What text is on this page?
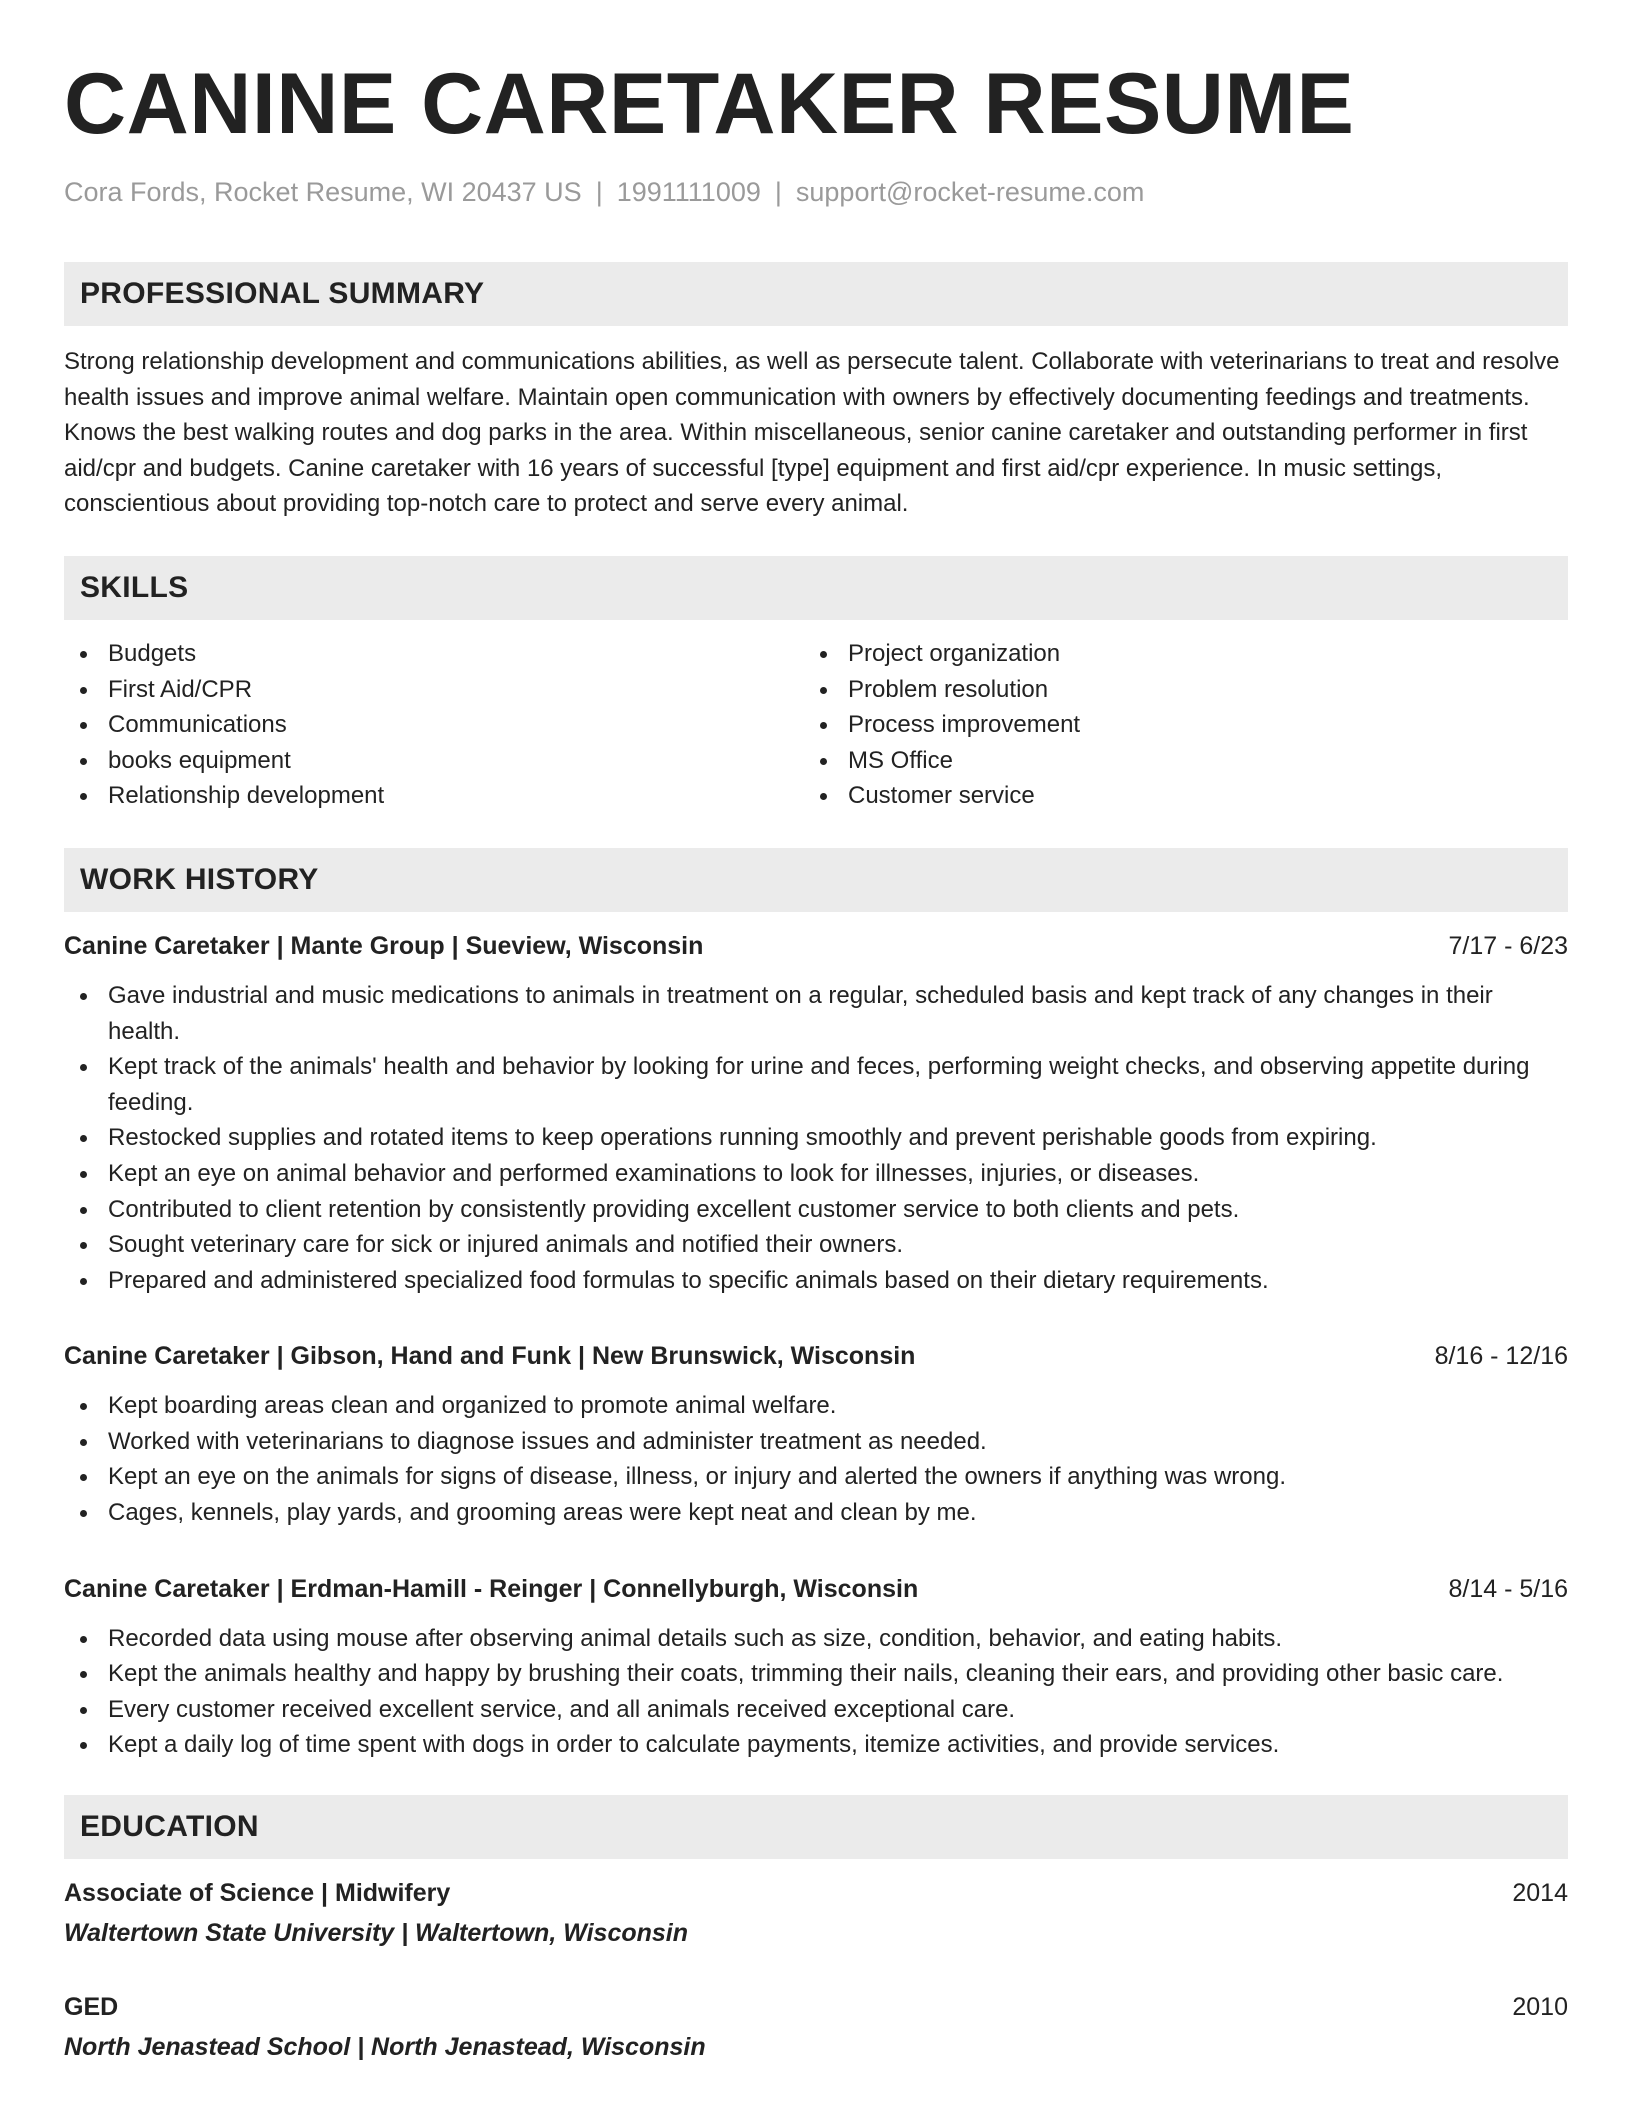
CANINE CARETAKER RESUME
Cora Fords, Rocket Resume, WI 20437 US | 1991111009 | support@rocket-resume.com
PROFESSIONAL SUMMARY

Strong relationship development and communications abilities, as well as persecute talent. Collaborate with veterinarians to treat and resolve health issues and improve animal welfare. Maintain open communication with owners by effectively documenting feedings and treatments. Knows the best walking routes and dog parks in the area. Within miscellaneous, senior canine caretaker and outstanding performer in first aid/cpr and budgets. Canine caretaker with 16 years of successful [type] equipment and first aid/cpr experience. In music settings, conscientious about providing top-notch care to protect and serve every animal.

SKILLS
Budgets
First Aid/CPR
Communications
books equipment
Relationship development
Project organization
Problem resolution
Process improvement
MS Office
Customer service
WORK HISTORY
Canine Caretaker | Mante Group | Sueview, Wisconsin	7/17 - 6/23
Gave industrial and music medications to animals in treatment on a regular, scheduled basis and kept track of any changes in their health.
Kept track of the animals' health and behavior by looking for urine and feces, performing weight checks, and observing appetite during feeding.
Restocked supplies and rotated items to keep operations running smoothly and prevent perishable goods from expiring.
Kept an eye on animal behavior and performed examinations to look for illnesses, injuries, or diseases.
Contributed to client retention by consistently providing excellent customer service to both clients and pets.
Sought veterinary care for sick or injured animals and notified their owners.
Prepared and administered specialized food formulas to specific animals based on their dietary requirements.
Canine Caretaker | Gibson, Hand and Funk | New Brunswick, Wisconsin	8/16 - 12/16
Kept boarding areas clean and organized to promote animal welfare.
Worked with veterinarians to diagnose issues and administer treatment as needed.
Kept an eye on the animals for signs of disease, illness, or injury and alerted the owners if anything was wrong.
Cages, kennels, play yards, and grooming areas were kept neat and clean by me.
Canine Caretaker | Erdman-Hamill - Reinger | Connellyburgh, Wisconsin	8/14 - 5/16
Recorded data using mouse after observing animal details such as size, condition, behavior, and eating habits.
Kept the animals healthy and happy by brushing their coats, trimming their nails, cleaning their ears, and providing other basic care.
Every customer received excellent service, and all animals received exceptional care.
Kept a daily log of time spent with dogs in order to calculate payments, itemize activities, and provide services.
EDUCATION
Associate of Science | Midwifery	2014
Waltertown State University | Waltertown, Wisconsin
GED	2010
North Jenastead School | North Jenastead, Wisconsin
